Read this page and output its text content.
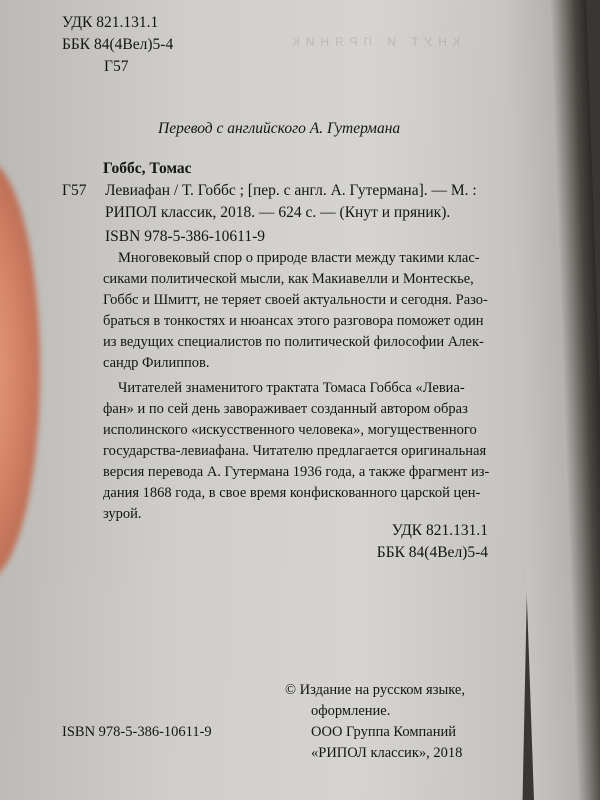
КНУТ И ПРЯНИК
УДК 821.131.1
ББК 84(4Вел)5-4
Г57
Перевод с английского А. Гутермана
Гоббс, Томас
Г57 Левиафан / Т. Гоббс ; [пер. с англ. А. Гутермана]. — М. :
РИПОЛ классик, 2018. — 624 с. — (Кнут и пряник).
ISBN 978-5-386-10611-9
Многовековый спор о природе власти между такими клас-
сиками политической мысли, как Макиавелли и Монтескье,
Гоббс и Шмитт, не теряет своей актуальности и сегодня. Разо-
браться в тонкостях и нюансах этого разговора поможет один
из ведущих специалистов по политической философии Алек-
сандр Филиппов.
Читателей знаменитого трактата Томаса Гоббса «Левиа-
фан» и по сей день завораживает созданный автором образ
исполинского «искусственного человека», могущественного
государства-левиафана. Читателю предлагается оригинальная
версия перевода А. Гутермана 1936 года, а также фрагмент из-
дания 1868 года, в свое время конфискованного царской цен-
зурой.
УДК 821.131.1
ББК 84(4Вел)5-4
© Издание на русском языке,
оформление.
ООО Группа Компаний
«РИПОЛ классик», 2018
ISBN 978-5-386-10611-9
